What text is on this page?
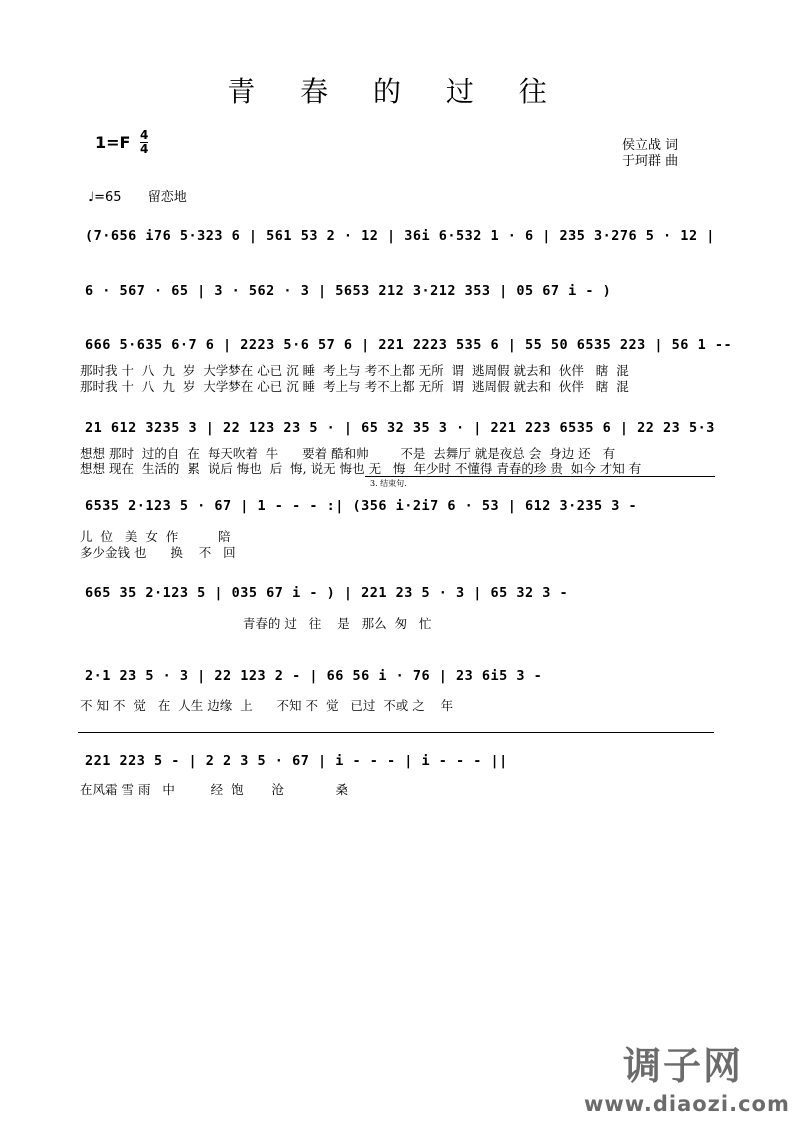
青 春 的 过 往
1=F 4
4	侯立战 词
于珂群 曲
♩=65 留恋地
(7·656 i76 5·323 6 | 561 53 2 · 12 | 36i 6·532 1 · 6 | 235 3·276 5 · 12 |
6 · 567 · 65 | 3 · 562 · 3 | 5653 212 3·212 353 | 05 67 i - )
666 5·635 6·7 6 | 2223 5·6 57 6 | 221 2223 535 6 | 55 50 6535 223 | 56 1 --
那时我 十  八  九  岁  大学梦在 心已 沉 睡  考上与 考不上都 无所  谓  逃周假 就去和  伙伴   瞎  混
那时我 十  八  九  岁  大学梦在 心已 沉 睡  考上与 考不上都 无所  谓  逃周假 就去和  伙伴   瞎  混
21 612 3235 3 | 22 123 23 5 · | 65 32 35 3 · | 221 223 6535 6 | 22 23 5·3
想想 那时  过的自  在  每天吹着  牛      要着 酷和帅        不是  去舞厅 就是夜总 会  身边 还   有
想想 现在  生活的  累  说后 悔也  后  悔, 说无 悔也 无   悔  年少时 不懂得 青春的珍 贵  如今 才知 有
3. 结束句.
6535 2·123 5 · 67 | 1 - - - :| (356 i·2i7 6 · 53 | 612 3·235 3 -
儿  位   美  女  作          陪
多少金钱 也      换    不   回
665 35 2·123 5 | 035 67 i - ) | 221 23 5 · 3 | 65 32 3 -
青春的 过   往    是   那么  匆   忙
2·1 23 5 · 3 | 22 123 2 - | 66 56 i · 76 | 23 6i5 3 -
不 知 不  觉   在  人生 边缘  上      不知 不  觉   已过  不或 之    年
221 223 5 - | 2 2 3 5 · 67 | i - - - | i - - - ||
在风霜 雪 雨   中         经  饱       沧             桑
调子网
www.diaozi.com
